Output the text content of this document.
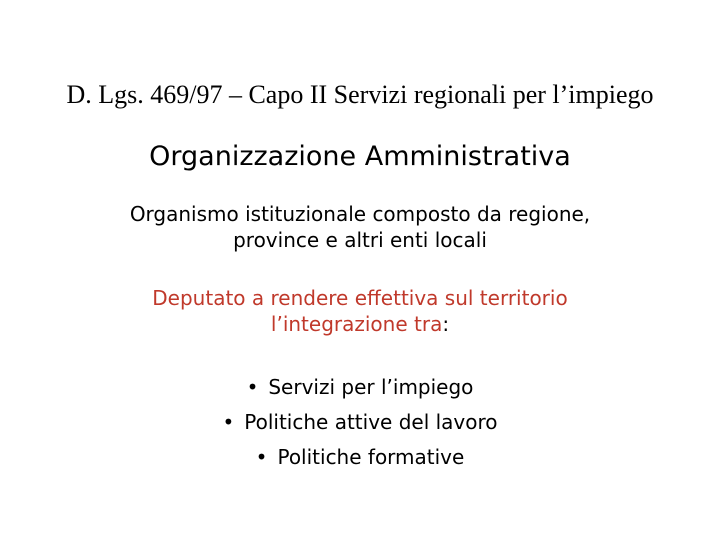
D. Lgs. 469/97 – Capo II Servizi regionali per l’impiego
Organizzazione Amministrativa
Organismo istituzionale composto da regione,
province e altri enti locali
Deputato a rendere effettiva sul territorio
l’integrazione tra:
• Servizi per l’impiego
• Politiche attive del lavoro
• Politiche formative
